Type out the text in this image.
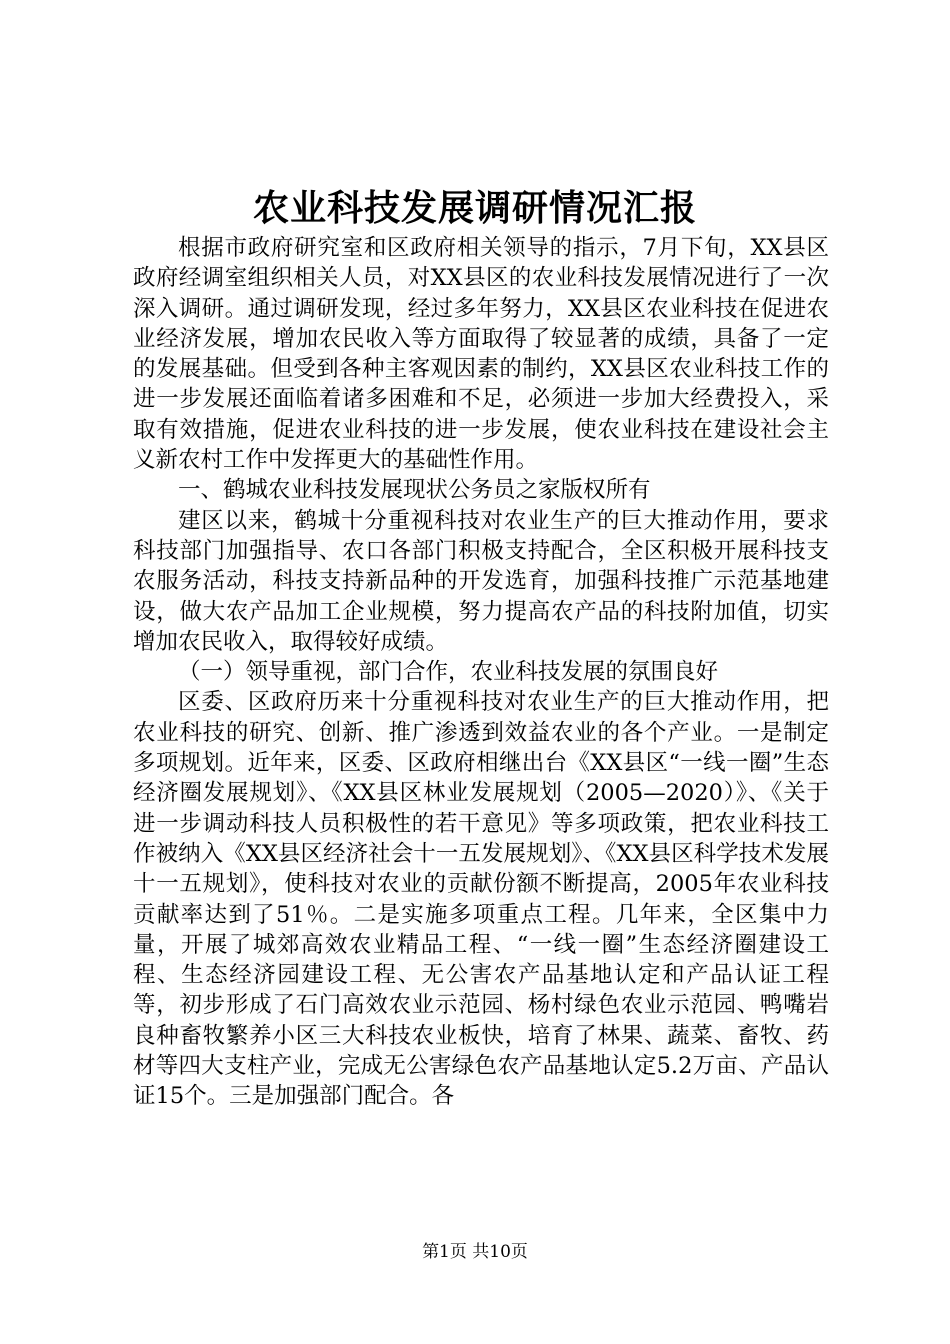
农业科技发展调研情况汇报

根据市政府研究室和区政府相关领导的指示，7月下旬，XX县区政府经调室组织相关人员，对XX县区的农业科技发展情况进行了一次深入调研。通过调研发现，经过多年努力，XX县区农业科技在促进农业经济发展，增加农民收入等方面取得了较显著的成绩，具备了一定的发展基础。但受到各种主客观因素的制约，XX县区农业科技工作的进一步发展还面临着诸多困难和不足，必须进一步加大经费投入，采取有效措施，促进农业科技的进一步发展，使农业科技在建设社会主义新农村工作中发挥更大的基础性作用。

一、鹤城农业科技发展现状公务员之家版权所有

建区以来，鹤城十分重视科技对农业生产的巨大推动作用，要求科技部门加强指导、农口各部门积极支持配合，全区积极开展科技支农服务活动，科技支持新品种的开发选育，加强科技推广示范基地建设，做大农产品加工企业规模，努力提高农产品的科技附加值，切实增加农民收入，取得较好成绩。

（一）领导重视，部门合作，农业科技发展的氛围良好

区委、区政府历来十分重视科技对农业生产的巨大推动作用，把农业科技的研究、创新、推广渗透到效益农业的各个产业。一是制定多项规划。近年来，区委、区政府相继出台《XX县区“一线一圈”生态经济圈发展规划》、《XX县区林业发展规划（2005—2020）》、《关于进一步调动科技人员积极性的若干意见》等多项政策，把农业科技工作被纳入《XX县区经济社会十一五发展规划》、《XX县区科学技术发展十一五规划》，使科技对农业的贡献份额不断提高，2005年农业科技贡献率达到了51％。二是实施多项重点工程。几年来，全区集中力量，开展了城郊高效农业精品工程、“一线一圈”生态经济圈建设工程、生态经济园建设工程、无公害农产品基地认定和产品认证工程等，初步形成了石门高效农业示范园、杨村绿色农业示范园、鸭嘴岩良种畜牧繁养小区三大科技农业板快，培育了林果、蔬菜、畜牧、药材等四大支柱产业，完成无公害绿色农产品基地认定5.2万亩、产品认证15个。三是加强部门配合。各

第1页 共10页
